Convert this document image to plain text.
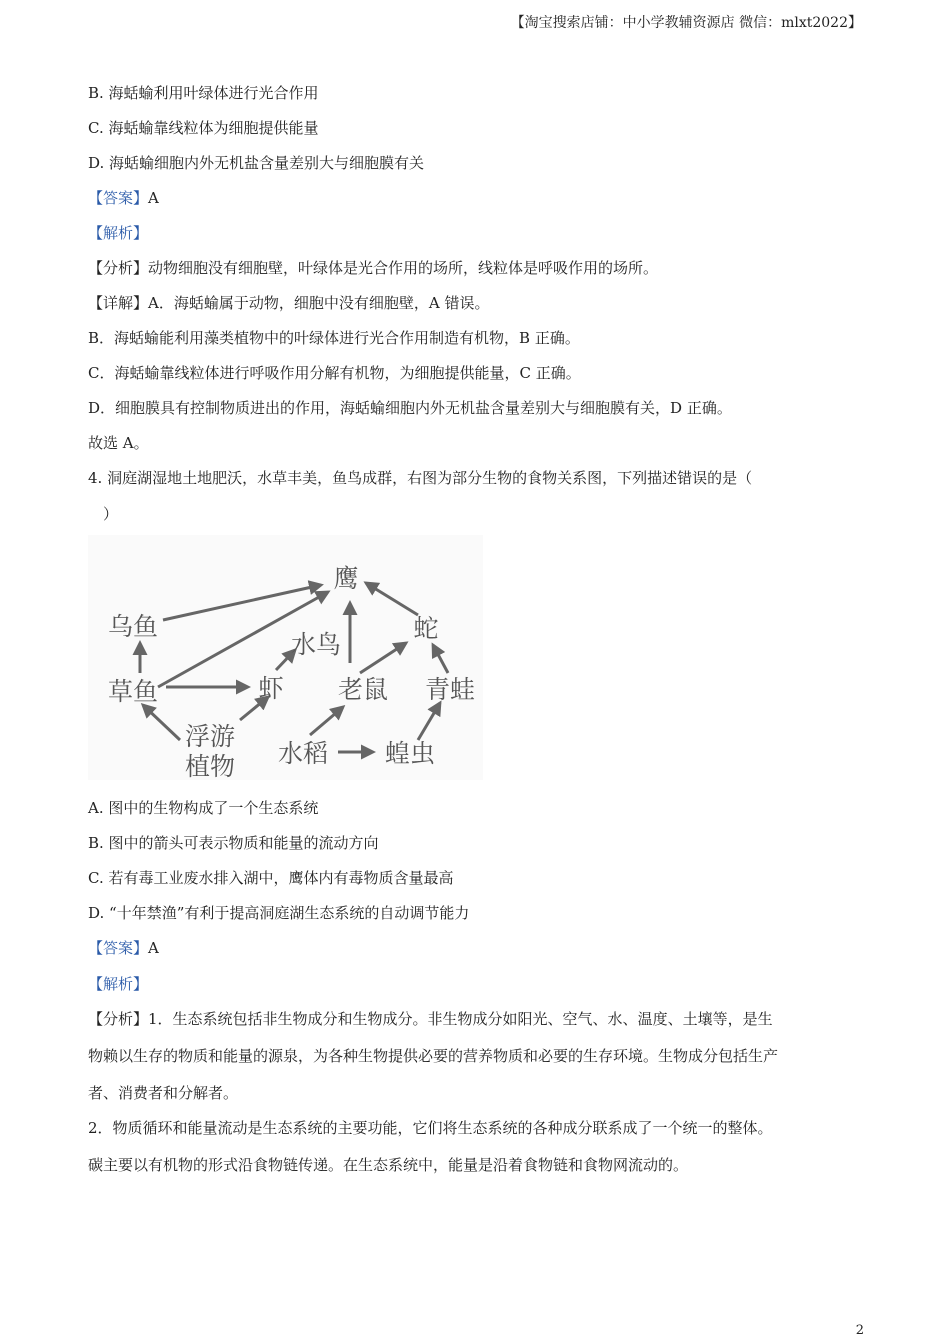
【淘宝搜索店铺：中小学教辅资源店 微信：mlxt2022】
B. 海蛞蝓利用叶绿体进行光合作用
C. 海蛞蝓靠线粒体为细胞提供能量
D. 海蛞蝓细胞内外无机盐含量差别大与细胞膜有关
【答案】A
【解析】
【分析】动物细胞没有细胞壁，叶绿体是光合作用的场所，线粒体是呼吸作用的场所。
【详解】A．海蛞蝓属于动物，细胞中没有细胞壁，A 错误。
B．海蛞蝓能利用藻类植物中的叶绿体进行光合作用制造有机物，B 正确。
C．海蛞蝓靠线粒体进行呼吸作用分解有机物，为细胞提供能量，C 正确。
D．细胞膜具有控制物质进出的作用，海蛞蝓细胞内外无机盐含量差别大与细胞膜有关，D 正确。
故选 A。
4. 洞庭湖湿地土地肥沃，水草丰美，鱼鸟成群，右图为部分生物的食物关系图，下列描述错误的是（
）
鹰
乌鱼
水鸟
蛇
草鱼	虾 老鼠 青蛙
浮游
植物 水稻 蝗虫
A. 图中的生物构成了一个生态系统
B. 图中的箭头可表示物质和能量的流动方向
C. 若有毒工业废水排入湖中，鹰体内有毒物质含量最高
D. “十年禁渔”有利于提高洞庭湖生态系统的自动调节能力
【答案】A
【解析】
【分析】1．生态系统包括非生物成分和生物成分。非生物成分如阳光、空气、水、温度、土壤等，是生
物赖以生存的物质和能量的源泉，为各种生物提供必要的营养物质和必要的生存环境。生物成分包括生产
者、消费者和分解者。
2．物质循环和能量流动是生态系统的主要功能，它们将生态系统的各种成分联系成了一个统一的整体。
碳主要以有机物的形式沿食物链传递。在生态系统中，能量是沿着食物链和食物网流动的。
2
